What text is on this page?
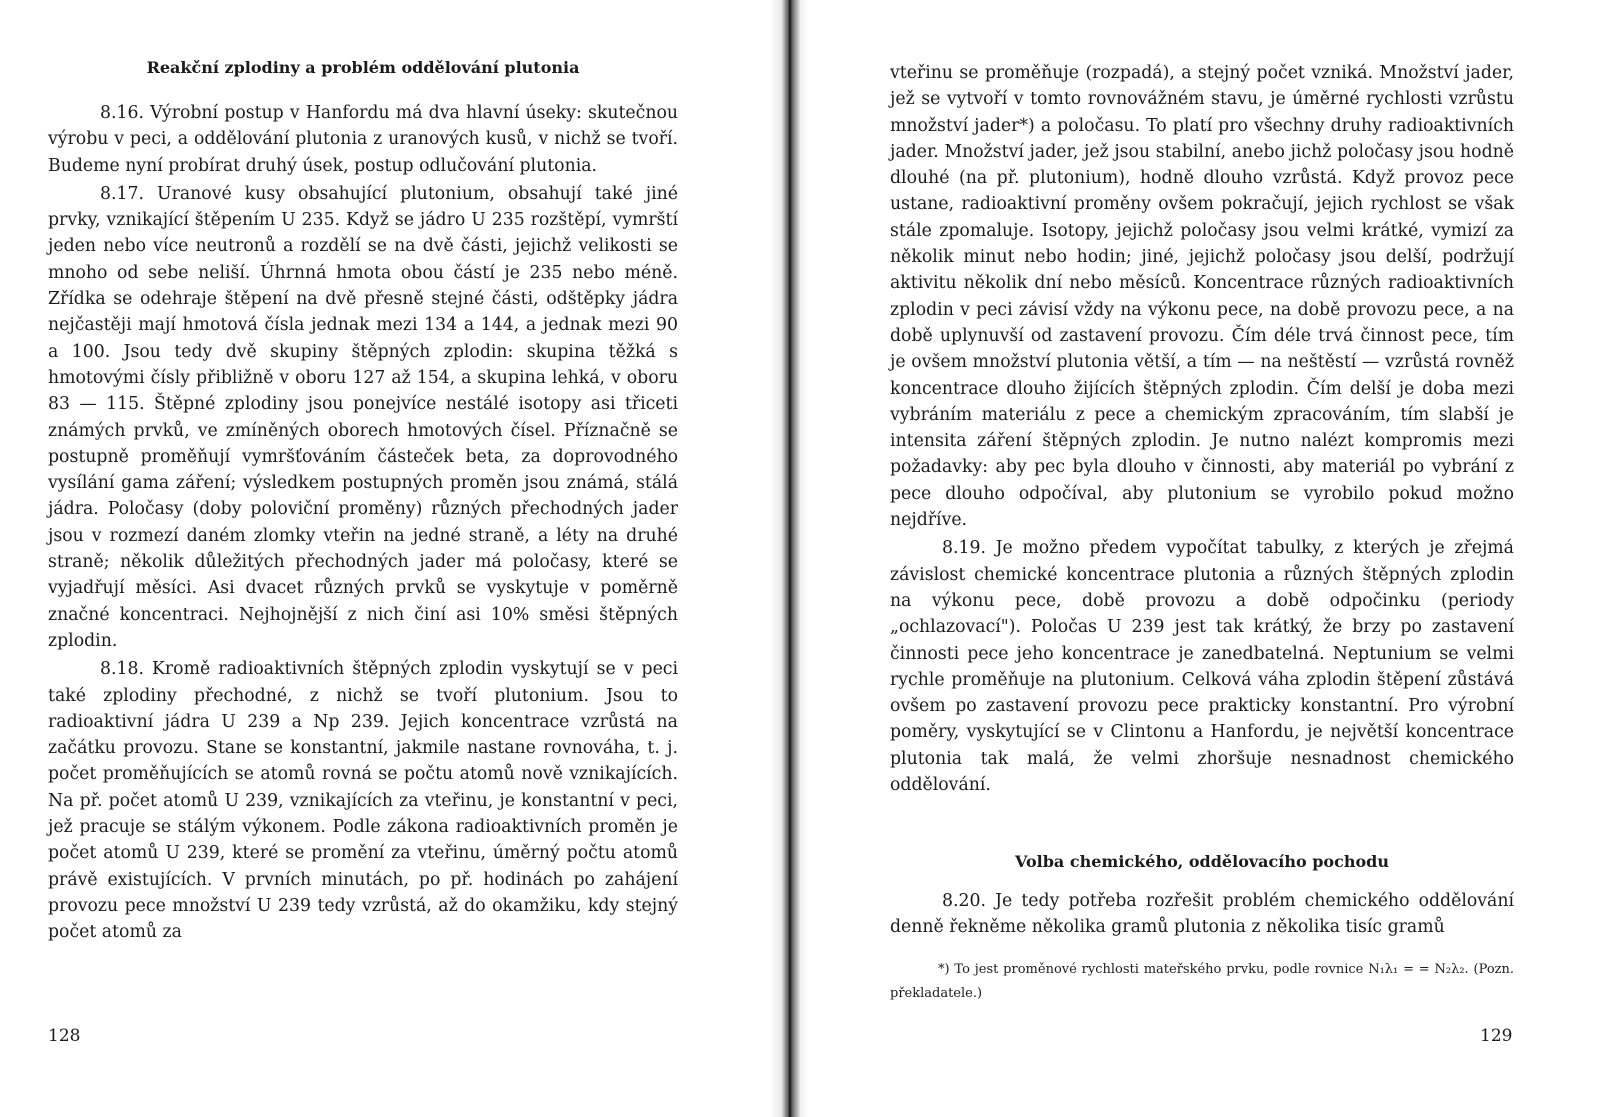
Reakční zplodiny a problém oddělování plutonia

8.16. Výrobní postup v Hanfordu má dva hlavní úseky: skutečnou výrobu v peci, a oddělování plutonia z uranových kusů, v nichž se tvoří. Budeme nyní probírat druhý úsek, postup odlučování plutonia.

8.17. Uranové kusy obsahující plutonium, obsahují také jiné prvky, vznikající štěpením U 235. Když se jádro U 235 rozštěpí, vymrští jeden nebo více neutronů a rozdělí se na dvě části, jejichž velikosti se mnoho od sebe neliší. Úhrnná hmota obou částí je 235 nebo méně. Zřídka se odehraje štěpení na dvě přesně stejné části, odštěpky jádra nejčastěji mají hmotová čísla jednak mezi 134 a 144, a jednak mezi 90 a 100. Jsou tedy dvě skupiny štěpných zplodin: skupina těžká s hmotovými čísly přibližně v oboru 127 až 154, a skupina lehká, v oboru 83 — 115. Štěpné zplodiny jsou ponejvíce nestálé isotopy asi třiceti známých prvků, ve zmíněných oborech hmotových čísel. Příznačně se postupně proměňují vymršťováním částeček beta, za doprovodného vysílání gama záření; výsledkem postupných proměn jsou známá, stálá jádra. Poločasy (doby poloviční proměny) různých přechodných jader jsou v rozmezí daném zlomky vteřin na jedné straně, a léty na druhé straně; několik důležitých přechodných jader má poločasy, které se vyjadřují měsíci. Asi dvacet různých prvků se vyskytuje v poměrně značné koncentraci. Nejhojnější z nich činí asi 10% směsi štěpných zplodin.

8.18. Kromě radioaktivních štěpných zplodin vyskytují se v peci také zplodiny přechodné, z nichž se tvoří plutonium. Jsou to radioaktivní jádra U 239 a Np 239. Jejich koncentrace vzrůstá na začátku provozu. Stane se konstantní, jakmile nastane rovnováha, t. j. počet proměňujících se atomů rovná se počtu atomů nově vznikajících. Na př. počet atomů U 239, vznikajících za vteřinu, je konstantní v peci, jež pracuje se stálým výkonem. Podle zákona radioaktivních proměn je počet atomů U 239, které se promění za vteřinu, úměrný počtu atomů právě existujících. V prvních minutách, po př. hodinách po zahájení provozu pece množství U 239 tedy vzrůstá, až do okamžiku, kdy stejný počet atomů za

128

vteřinu se proměňuje (rozpadá), a stejný počet vzniká. Množství jader, jež se vytvoří v tomto rovnovážném stavu, je úměrné rychlosti vzrůstu množství jader*) a poločasu. To platí pro všechny druhy radioaktivních jader. Množství jader, jež jsou stabilní, anebo jichž poločasy jsou hodně dlouhé (na př. plutonium), hodně dlouho vzrůstá. Když provoz pece ustane, radioaktivní proměny ovšem pokračují, jejich rychlost se však stále zpomaluje. Isotopy, jejichž poločasy jsou velmi krátké, vymizí za několik minut nebo hodin; jiné, jejichž poločasy jsou delší, podržují aktivitu několik dní nebo měsíců. Koncentrace různých radioaktivních zplodin v peci závisí vždy na výkonu pece, na době provozu pece, a na době uplynuvší od zastavení provozu. Čím déle trvá činnost pece, tím je ovšem množství plutonia větší, a tím — na neštěstí — vzrůstá rovněž koncentrace dlouho žijících štěpných zplodin. Čím delší je doba mezi vybráním materiálu z pece a chemickým zpracováním, tím slabší je intensita záření štěpných zplodin. Je nutno nalézt kompromis mezi požadavky: aby pec byla dlouho v činnosti, aby materiál po vybrání z pece dlouho odpočíval, aby plutonium se vyrobilo pokud možno nejdříve.

8.19. Je možno předem vypočítat tabulky, z kterých je zřejmá závislost chemické koncentrace plutonia a různých štěpných zplodin na výkonu pece, době provozu a době odpočinku (periody „ochlazovací"). Poločas U 239 jest tak krátký, že brzy po zastavení činnosti pece jeho koncentrace je zanedbatelná. Neptunium se velmi rychle proměňuje na plutonium. Celková váha zplodin štěpení zůstává ovšem po zastavení provozu pece prakticky konstantní. Pro výrobní poměry, vyskytující se v Clintonu a Hanfordu, je největší koncentrace plutonia tak malá, že velmi zhoršuje nesnadnost chemického oddělování.

Volba chemického, oddělovacího pochodu

8.20. Je tedy potřeba rozřešit problém chemického oddělování denně řekněme několika gramů plutonia z několika tisíc gramů

*) To jest proměnové rychlosti mateřského prvku, podle rovnice N₁λ₁ = = N₂λ₂. (Pozn. překladatele.)
129
